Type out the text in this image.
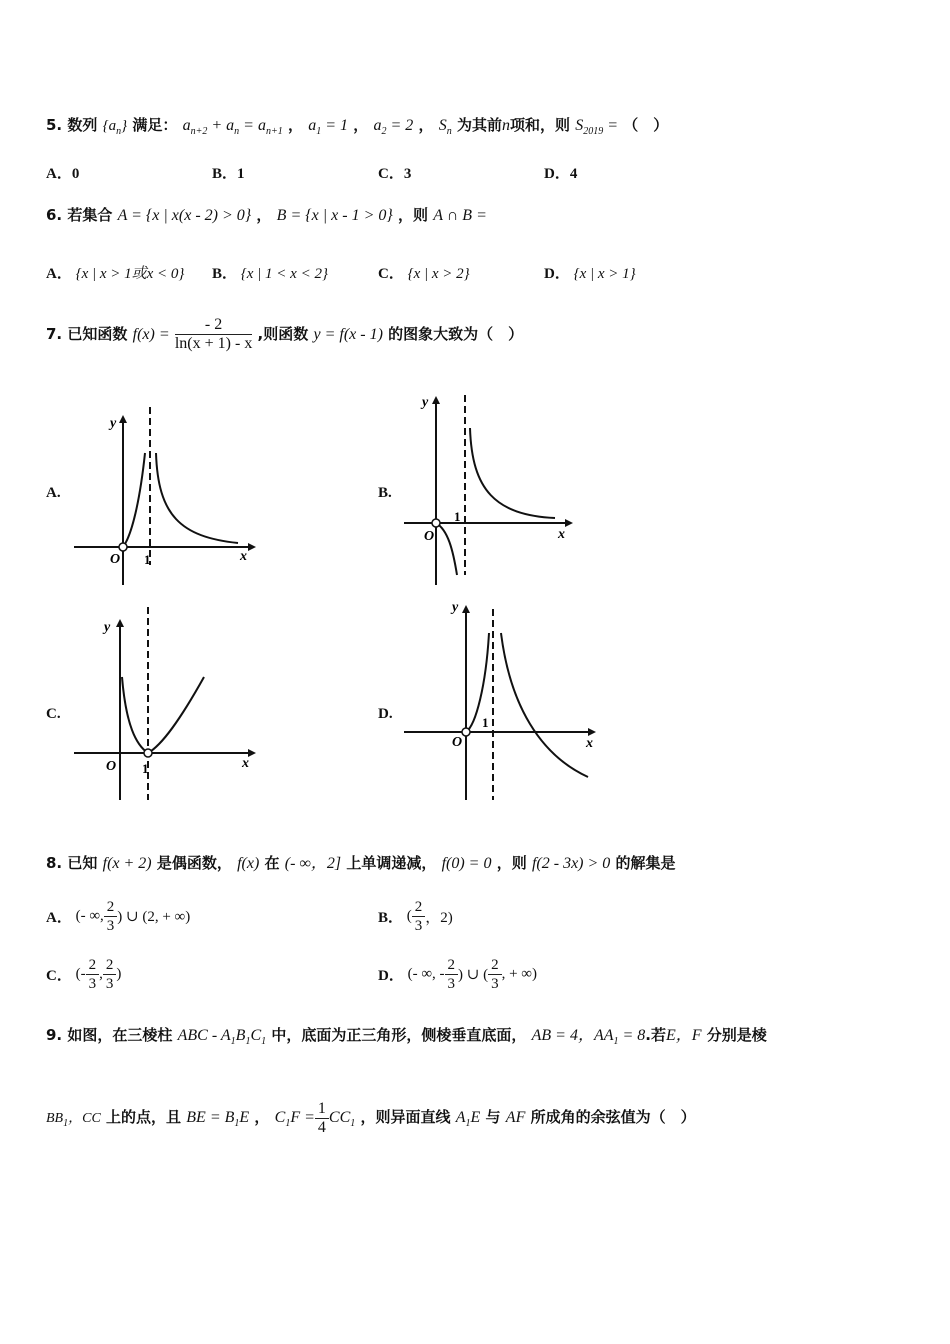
5. 数列 $\{a_n\}$ 满足： $a_{n+2} + a_n = a_{n+1}$ ， $a_1 = 1$ ， $a_2 = 2$ ， $S_n$ 为其前n项和，则 $S_{2019}$ = （　）
A．0	B．1	C．3	D．4
6. 若集合 A = {x | x(x - 2) > 0} ， B = {x | x - 1 > 0} ，则 A ∩ B =
A． {x | x > 1或x < 0} B． {x | 1 < x < 2}	C． {x | x > 2}	D． {x | x > 1}
7. 已知函数 $f(x) = \frac{- 2}{\ln(x + 1) - x}$ ,则函数 y = f(x - 1) 的图象大致为（　）
A.
y
x
O 1
B.
y
x
O
1
C.
y
x
O 1
D.
y
x
O
1
8. 已知 f(x + 2) 是偶函数， f(x) 在 (- ∞，2] 上单调递减， f(0) = 0 ，则 f(2 - 3x) > 0 的解集是
A． (- ∞, $\frac{2}{3}$ ) ∪ (2, + ∞)	B． ( $\frac{2}{3}$ ，2)
C． (- $\frac{2}{3}$ , $\frac{2}{3}$ )	D． (- ∞, - $\frac{2}{3}$ ) ∪ ( $\frac{2}{3}$ , + ∞)
9. 如图，在三棱柱 ABC - $A_1B_1C_1$ 中，底面为正三角形，侧棱垂直底面， AB = 4，$AA_1 = 8$.若E，F 分别是棱
$BB_1$，CC 上的点，且 BE = $B_1E$ ， $C_1F = \frac{1}{4} CC_1$ ，则异面直线 $A_1E$ 与 AF 所成角的余弦值为（　）
